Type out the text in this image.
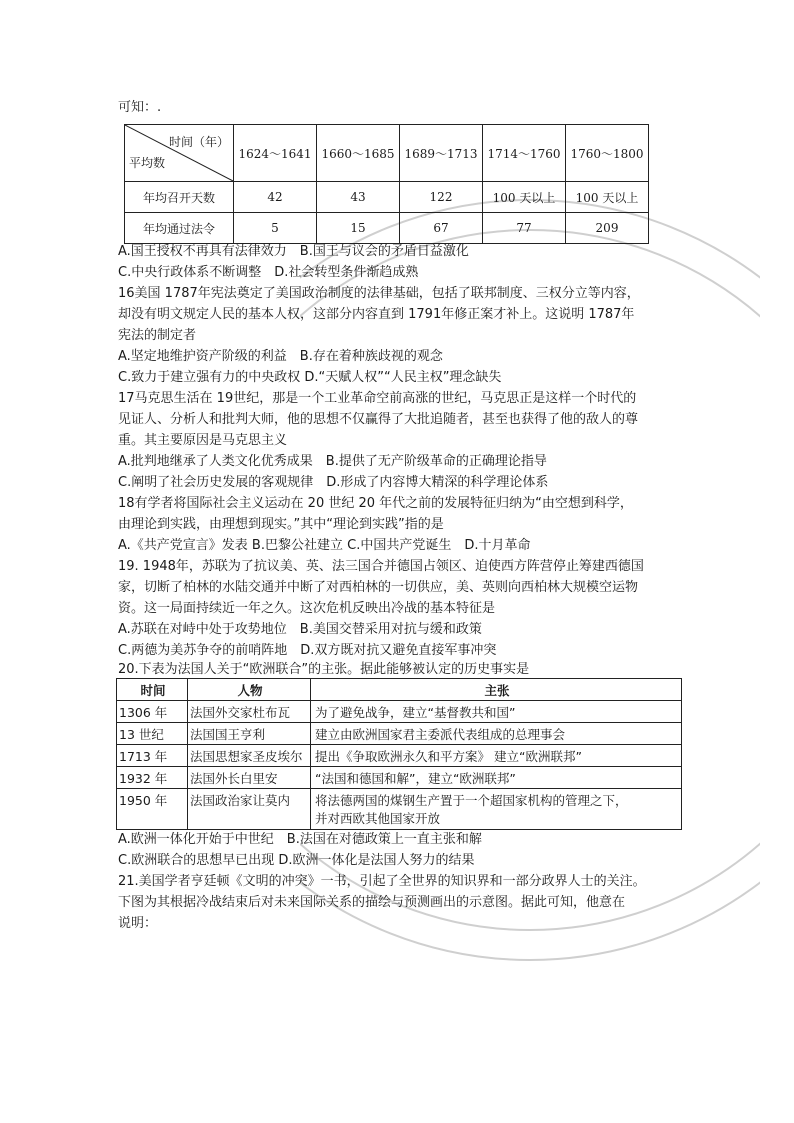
可知：.
时间（年）
平均数	1624～1641	1660～1685	1689～1713	1714～1760	1760～1800
年均召开天数	42	43	122	100 天以上	100 天以上
年均通过法令	5	15	67	77	209
A.国王授权不再具有法律效力　B.国王与议会的矛盾日益激化
C.中央行政体系不断调整　D.社会转型条件渐趋成熟
16美国 1787年宪法奠定了美国政治制度的法律基础，包括了联邦制度、三权分立等内容，
却没有明文规定人民的基本人权，这部分内容直到 1791年修正案才补上。这说明 1787年
宪法的制定者
A.坚定地维护资产阶级的利益　B.存在着种族歧视的观念
C.致力于建立强有力的中央政权 D.“天赋人权”“人民主权”理念缺失
17马克思生活在 19世纪，那是一个工业革命空前高涨的世纪，马克思正是这样一个时代的
见证人、分析人和批判大师，他的思想不仅赢得了大批追随者，甚至也获得了他的敌人的尊
重。其主要原因是马克思主义
A.批判地继承了人类文化优秀成果　B.提供了无产阶级革命的正确理论指导
C.阐明了社会历史发展的客观规律　D.形成了内容博大精深的科学理论体系
18有学者将国际社会主义运动在 20 世纪 20 年代之前的发展特征归纳为“由空想到科学，
由理论到实践，由理想到现实。”其中“理论到实践”指的是
A.《共产党宣言》发表 B.巴黎公社建立 C.中国共产党诞生　D.十月革命
19. 1948年，苏联为了抗议美、英、法三国合并德国占领区、迫使西方阵营停止筹建西德国
家，切断了柏林的水陆交通并中断了对西柏林的一切供应，美、英则向西柏林大规模空运物
资。这一局面持续近一年之久。这次危机反映出冷战的基本特征是
A.苏联在对峙中处于攻势地位　B.美国交替采用对抗与缓和政策
C.两德为美苏争夺的前哨阵地　D.双方既对抗又避免直接军事冲突
20.下表为法国人关于“欧洲联合”的主张。据此能够被认定的历史事实是
时间	人物	主张
1306 年	法国外交家杜布瓦	为了避免战争，建立“基督教共和国”
13 世纪	法国国王亨利	建立由欧洲国家君主委派代表组成的总理事会
1713 年	法国思想家圣皮埃尔	提出《争取欧洲永久和平方案》 建立“欧洲联邦”
1932 年	法国外长白里安	“法国和德国和解”，建立“欧洲联邦”
1950 年	法国政治家让莫内	将法德两国的煤钢生产置于一个超国家机构的管理之下，
并对西欧其他国家开放
A.欧洲一体化开始于中世纪　B.法国在对德政策上一直主张和解
C.欧洲联合的思想早已出现 D.欧洲一体化是法国人努力的结果
21.美国学者亨廷顿《文明的冲突》一书，引起了全世界的知识界和一部分政界人士的关注。
下图为其根据冷战结束后对未来国际关系的描绘与预测画出的示意图。据此可知，他意在
说明：
